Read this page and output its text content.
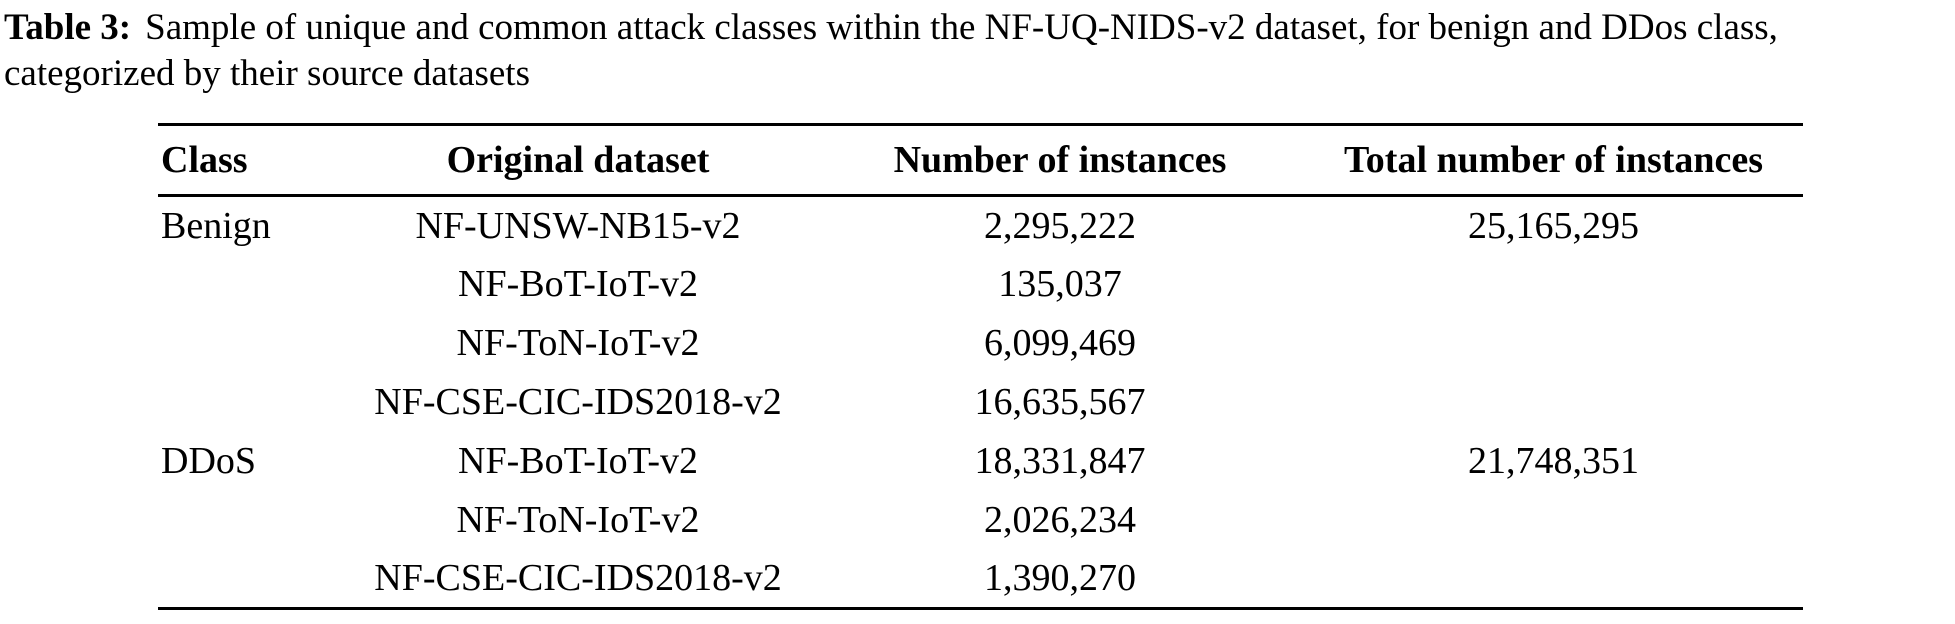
Table 3: Sample of unique and common attack classes within the NF-UQ-NIDS-v2 dataset, for benign and DDos class, categorized by their source datasets

Class	Original dataset	Number of instances	Total number of instances
Benign	NF-UNSW-NB15-v2	2,295,222	25,165,295
	NF-BoT-IoT-v2	135,037	
	NF-ToN-IoT-v2	6,099,469	
	NF-CSE-CIC-IDS2018-v2	16,635,567	
DDoS	NF-BoT-IoT-v2	18,331,847	21,748,351
	NF-ToN-IoT-v2	2,026,234	
	NF-CSE-CIC-IDS2018-v2	1,390,270	
